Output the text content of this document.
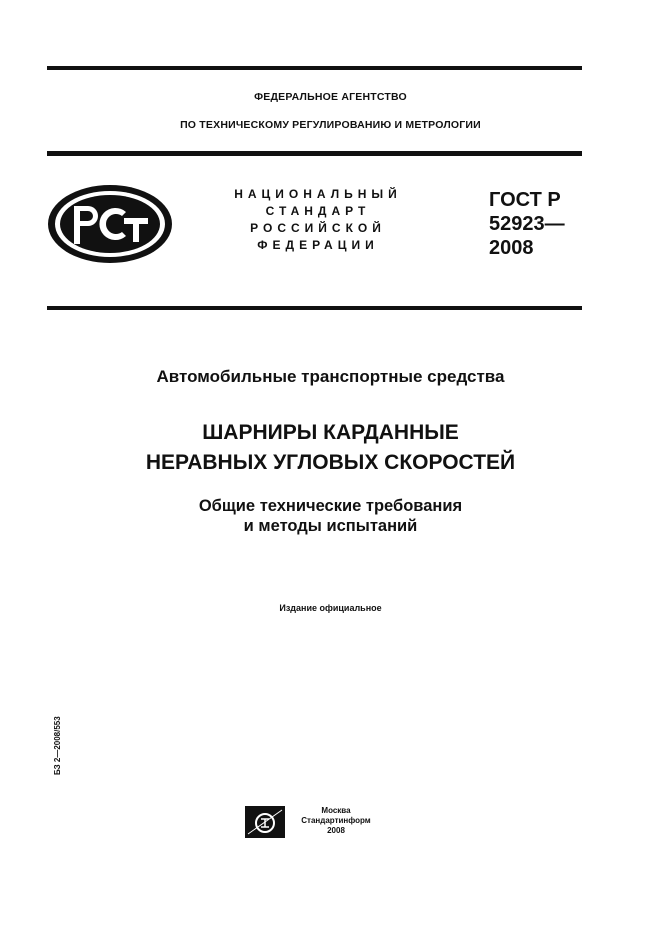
ФЕДЕРАЛЬНОЕ АГЕНТСТВО
ПО ТЕХНИЧЕСКОМУ РЕГУЛИРОВАНИЮ И МЕТРОЛОГИИ
НАЦИОНАЛЬНЫЙ
СТАНДАРТ
РОССИЙСКОЙ
ФЕДЕРАЦИИ
ГОСТ Р
52923—
2008
Автомобильные транспортные средства
ШАРНИРЫ КАРДАННЫЕ
НЕРАВНЫХ УГЛОВЫХ СКОРОСТЕЙ
Общие технические требования
и методы испытаний
Издание официальное
БЗ 2—2008/553
Москва
Стандартинформ
2008
